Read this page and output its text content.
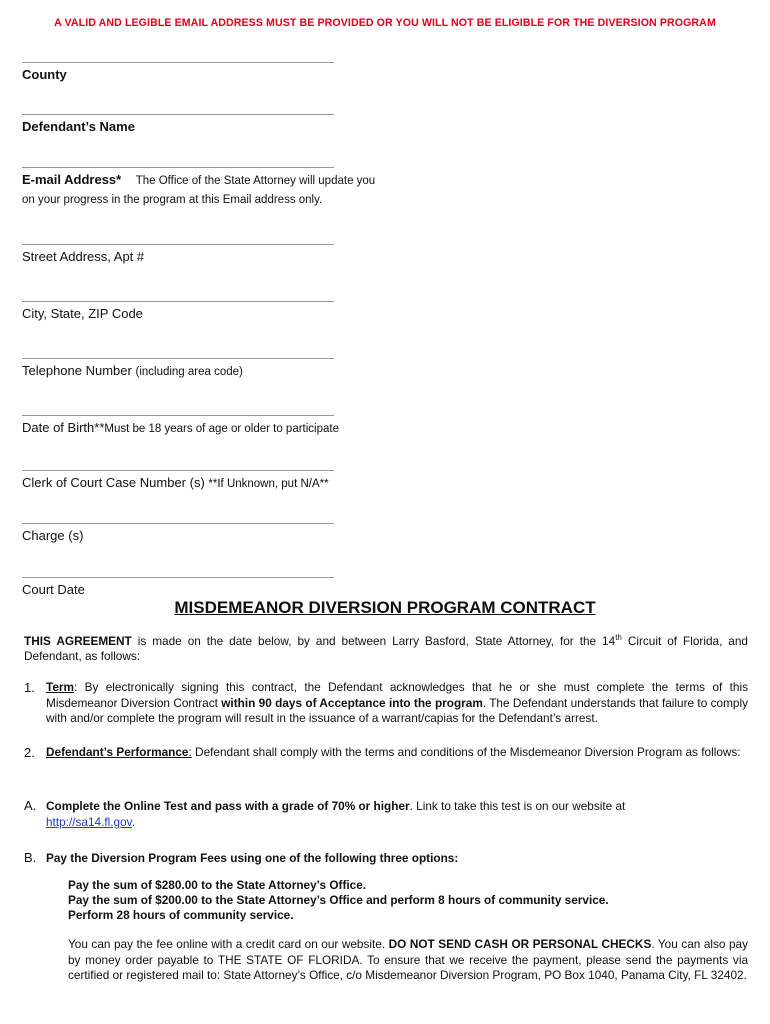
A VALID AND LEGIBLE EMAIL ADDRESS MUST BE PROVIDED OR YOU WILL NOT BE ELIGIBLE FOR THE DIVERSION PROGRAM
County
Defendant’s Name
E-mail Address* The Office of the State Attorney will update you
on your progress in the program at this Email address only.
Street Address, Apt #
City, State, ZIP Code
Telephone Number (including area code)
Date of Birth**Must be 18 years of age or older to participate
Clerk of Court Case Number (s) **If Unknown, put N/A**
Charge (s)
Court Date
MISDEMEANOR DIVERSION PROGRAM CONTRACT
THIS AGREEMENT is made on the date below, by and between Larry Basford, State Attorney, for the 14th Circuit of Florida, and Defendant, as follows:
1. Term: By electronically signing this contract, the Defendant acknowledges that he or she must complete the terms of this Misdemeanor Diversion Contract within 90 days of Acceptance into the program. The Defendant understands that failure to comply with and/or complete the program will result in the issuance of a warrant/capias for the Defendant’s arrest.
2. Defendant’s Performance: Defendant shall comply with the terms and conditions of the Misdemeanor Diversion Program as follows:
A. Complete the Online Test and pass with a grade of 70% or higher. Link to take this test is on our website at
http://sa14.fl.gov.
B. Pay the Diversion Program Fees using one of the following three options:
Pay the sum of $280.00 to the State Attorney’s Office.
Pay the sum of $200.00 to the State Attorney’s Office and perform 8 hours of community service.
Perform 28 hours of community service.
You can pay the fee online with a credit card on our website. DO NOT SEND CASH OR PERSONAL CHECKS. You can also pay by money order payable to THE STATE OF FLORIDA. To ensure that we receive the payment, please send the payments via certified or registered mail to: State Attorney’s Office, c/o Misdemeanor Diversion Program, PO Box 1040, Panama City, FL 32402.
